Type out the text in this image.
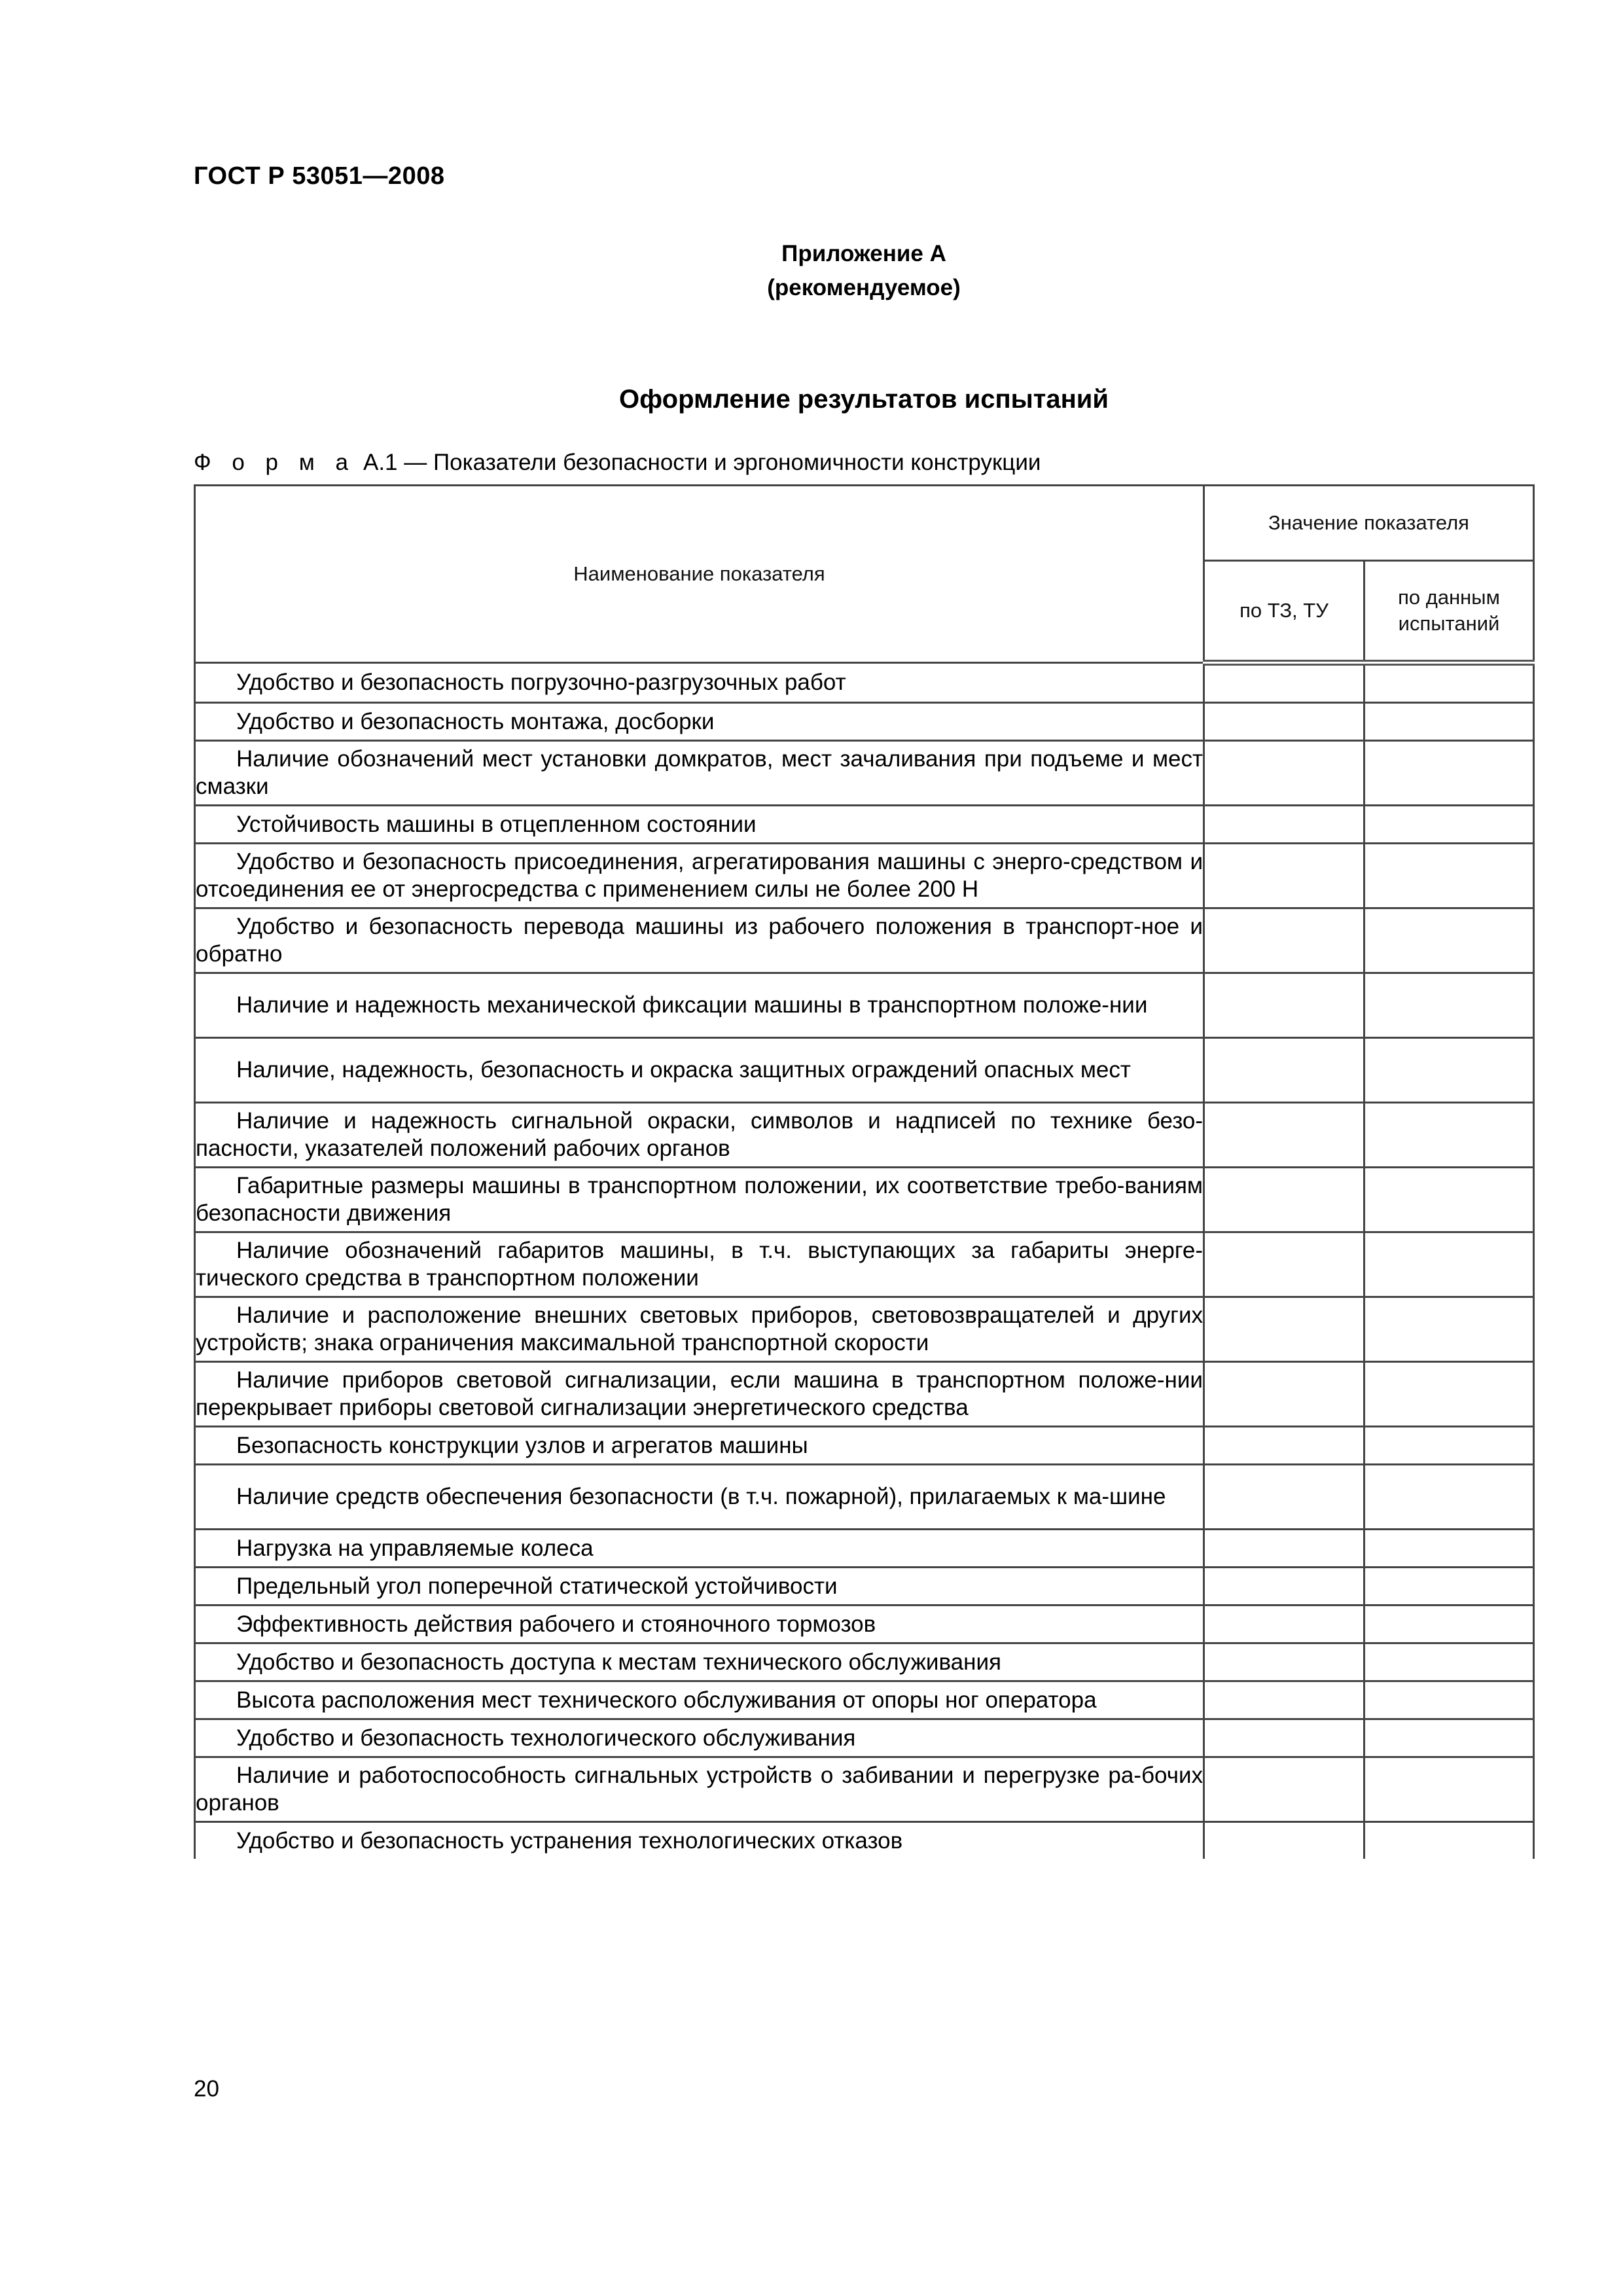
ГОСТ Р 53051—2008
Приложение А
(рекомендуемое)
Оформление результатов испытаний
Ф о р м а А.1 — Показатели безопасности и эргономичности конструкции
Наименование показателя	Значение показателя	
	по ТЗ, ТУ	по данным испытаний
Удобство и безопасность погрузочно-разгрузочных работ		
Удобство и безопасность монтажа, досборки		
Наличие обозначений мест установки домкратов, мест зачаливания при подъеме и мест смазки		
Устойчивость машины в отцепленном состоянии		
Удобство и безопасность присоединения, агрегатирования машины с энерго-средством и отсоединения ее от энергосредства с применением силы не более 200 Н		
Удобство и безопасность перевода машины из рабочего положения в транспорт-ное и обратно		
Наличие и надежность механической фиксации машины в транспортном положе-нии		
Наличие, надежность, безопасность и окраска защитных ограждений опасных мест		
Наличие и надежность сигнальной окраски, символов и надписей по технике безо-пасности, указателей положений рабочих органов		
Габаритные размеры машины в транспортном положении, их соответствие требо-ваниям безопасности движения		
Наличие обозначений габаритов машины, в т.ч. выступающих за габариты энерге-тического средства в транспортном положении		
Наличие и расположение внешних световых приборов, световозвращателей и других устройств; знака ограничения максимальной транспортной скорости		
Наличие приборов световой сигнализации, если машина в транспортном положе-нии перекрывает приборы световой сигнализации энергетического средства		
Безопасность конструкции узлов и агрегатов машины		
Наличие средств обеспечения безопасности (в т.ч. пожарной), прилагаемых к ма-шине		
Нагрузка на управляемые колеса		
Предельный угол поперечной статической устойчивости		
Эффективность действия рабочего и стояночного тормозов		
Удобство и безопасность доступа к местам технического обслуживания		
Высота расположения мест технического обслуживания от опоры ног оператора		
Удобство и безопасность технологического обслуживания		
Наличие и работоспособность сигнальных устройств о забивании и перегрузке ра-бочих органов		
Удобство и безопасность устранения технологических отказов		
20
